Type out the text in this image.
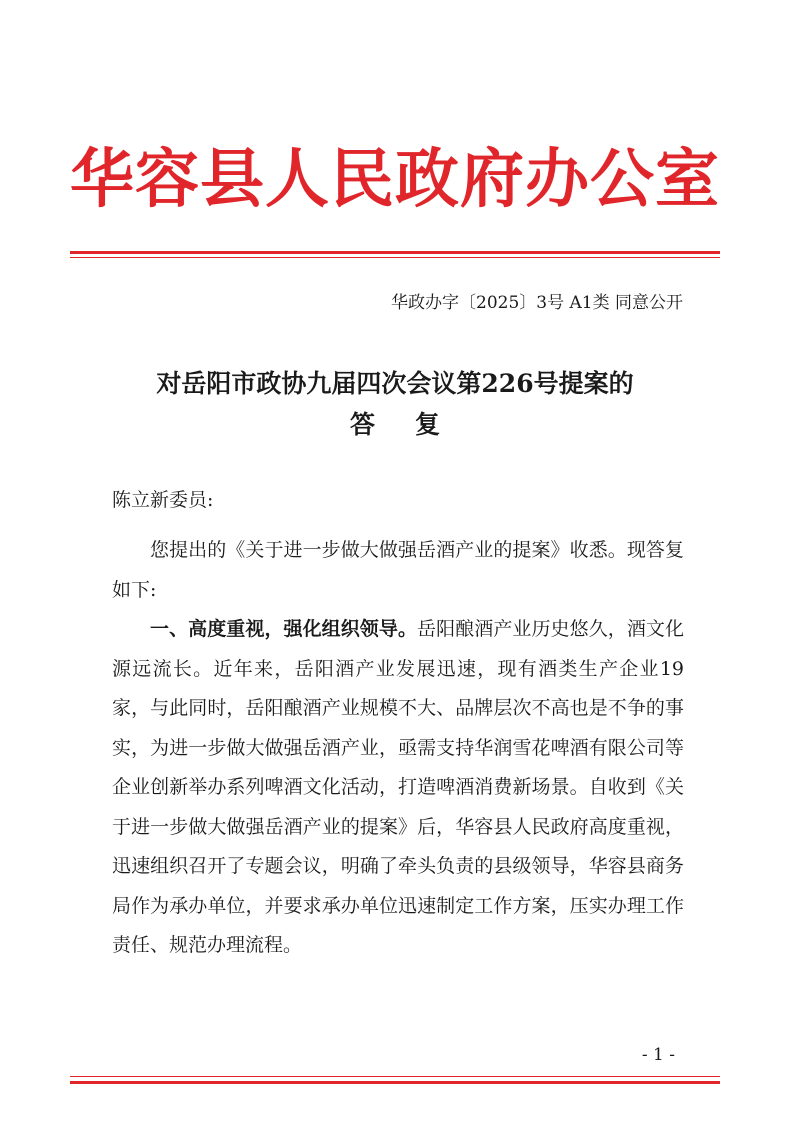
华容县人民政府办公室
华政办字〔2025〕3号 A1类 同意公开
对岳阳市政协九届四次会议第226号提案的
答复
陈立新委员:

您提出的《关于进一步做大做强岳酒产业的提案》收悉。现答复如下:

一、高度重视，强化组织领导。岳阳酿酒产业历史悠久，酒文化源远流长。近年来，岳阳酒产业发展迅速，现有酒类生产企业19家，与此同时，岳阳酿酒产业规模不大、品牌层次不高也是不争的事实，为进一步做大做强岳酒产业，亟需支持华润雪花啤酒有限公司等企业创新举办系列啤酒文化活动，打造啤酒消费新场景。自收到《关于进一步做大做强岳酒产业的提案》后，华容县人民政府高度重视，迅速组织召开了专题会议，明确了牵头负责的县级领导，华容县商务局作为承办单位，并要求承办单位迅速制定工作方案，压实办理工作责任、规范办理流程。

- 1 -
